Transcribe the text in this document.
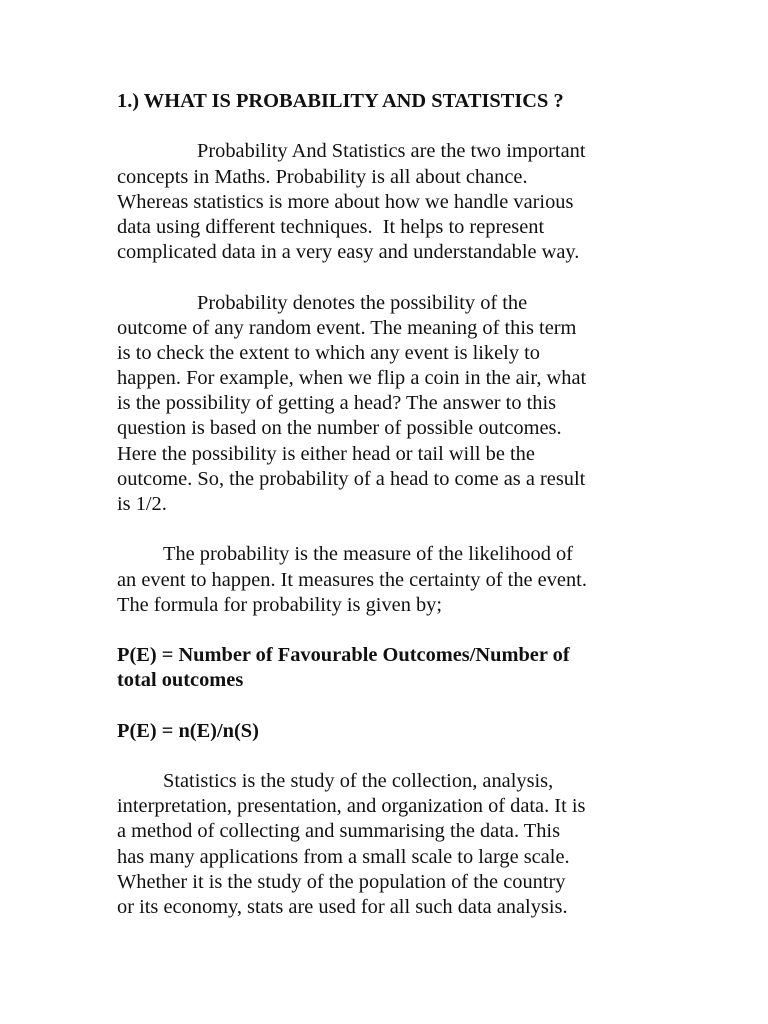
1.) WHAT IS PROBABILITY AND STATISTICS ?
Probability And Statistics are the two important
concepts in Maths. Probability is all about chance.
Whereas statistics is more about how we handle various
data using different techniques.  It helps to represent
complicated data in a very easy and understandable way.
Probability denotes the possibility of the
outcome of any random event. The meaning of this term
is to check the extent to which any event is likely to
happen. For example, when we flip a coin in the air, what
is the possibility of getting a head? The answer to this
question is based on the number of possible outcomes.
Here the possibility is either head or tail will be the
outcome. So, the probability of a head to come as a result
is 1/2.
The probability is the measure of the likelihood of
an event to happen. It measures the certainty of the event.
The formula for probability is given by;
P(E) = Number of Favourable Outcomes/Number of
total outcomes
P(E) = n(E)/n(S)
Statistics is the study of the collection, analysis,
interpretation, presentation, and organization of data. It is
a method of collecting and summarising the data. This
has many applications from a small scale to large scale.
Whether it is the study of the population of the country
or its economy, stats are used for all such data analysis.
